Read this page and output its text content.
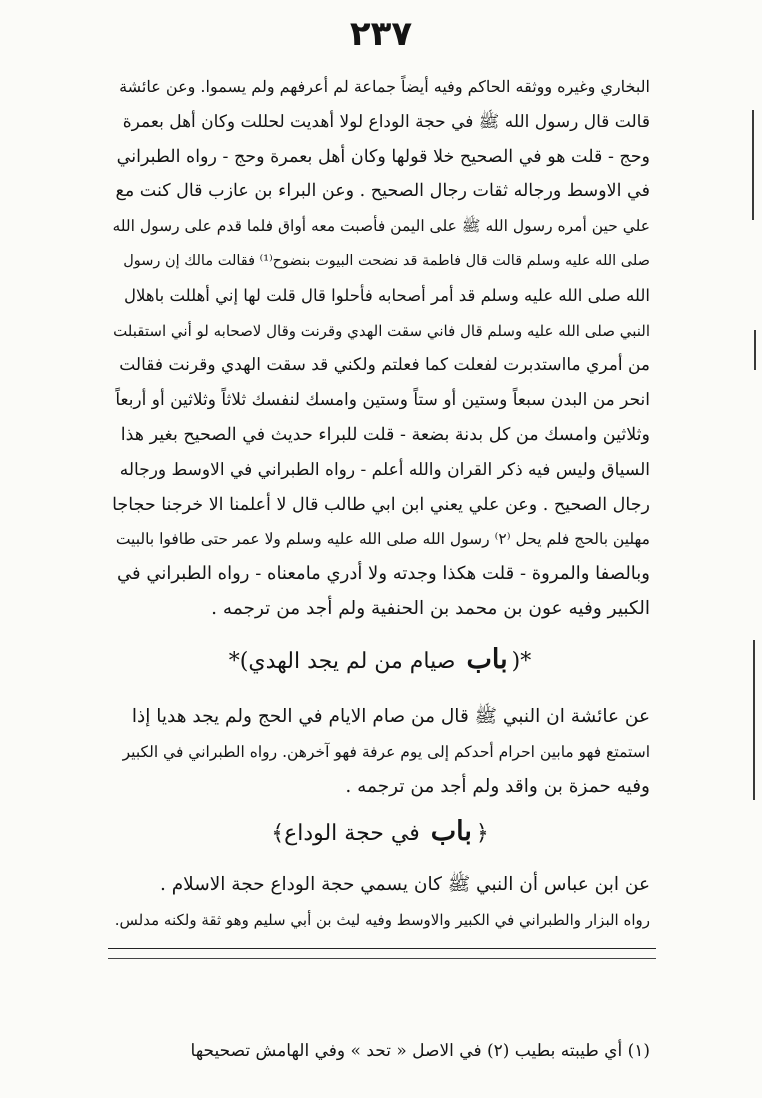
٢٣٧
البخاري وغيره ووثقه الحاكم وفيه أيضاً جماعة لم أعرفهم ولم يسموا. وعن عائشة
قالت قال رسول الله ﷺ في حجة الوداع لولا أهديت لحللت وكان أهل بعمرة
وحج - قلت هو في الصحيح خلا قولها وكان أهل بعمرة وحج - رواه الطبراني
في الاوسط ورجاله ثقات رجال الصحيح . وعن البراء بن عازب قال كنت مع
علي حين أمره رسول الله ﷺ على اليمن فأصبت معه أواق فلما قدم على رسول الله
صلى الله عليه وسلم قالت قال فاطمة قد نضحت البيوت بنضوح⁽¹⁾ فقالت مالك إن رسول
الله صلى الله عليه وسلم قد أمر أصحابه فأحلوا قال قلت لها إني أهللت باهلال
النبي صلى الله عليه وسلم قال فاني سقت الهدي وقرنت وقال لاصحابه لو أني استقبلت
من أمري مااستدبرت لفعلت كما فعلتم ولكني قد سقت الهدي وقرنت فقالت
انحر من البدن سبعاً وستين أو ستاً وستين وامسك لنفسك ثلاثاً وثلاثين أو أربعاً
وثلاثين وامسك من كل بدنة بضعة - قلت للبراء حديث في الصحيح بغير هذا
السياق وليس فيه ذكر القران والله أعلم - رواه الطبراني في الاوسط ورجاله
رجال الصحيح . وعن علي يعني ابن ابي طالب قال لا أعلمنا الا خرجنا حجاجا
مهلين بالحج فلم يحل ⁽٢⁾ رسول الله صلى الله عليه وسلم ولا عمر حتى طافوا بالبيت
وبالصفا والمروة - قلت هكذا وجدته ولا أدري مامعناه - رواه الطبراني في
الكبير وفيه عون بن محمد بن الحنفية ولم أجد من ترجمه .
*(باب صيام من لم يجد الهدي)*
عن عائشة ان النبي ﷺ قال من صام الايام في الحج ولم يجد هديا إذا
استمتع فهو مابين احرام أحدكم إلى يوم عرفة فهو آخرهن. رواه الطبراني في الكبير
وفيه حمزة بن واقد ولم أجد من ترجمه .
﴿باب في حجة الوداع﴾
عن ابن عباس أن النبي ﷺ كان يسمي حجة الوداع حجة الاسلام .
رواه البزار والطبراني في الكبير والاوسط وفيه ليث بن أبي سليم وهو ثقة ولكنه مدلس.
(١) أي طيبته بطيب (٢) في الاصل « تحد » وفي الهامش تصحيحها
